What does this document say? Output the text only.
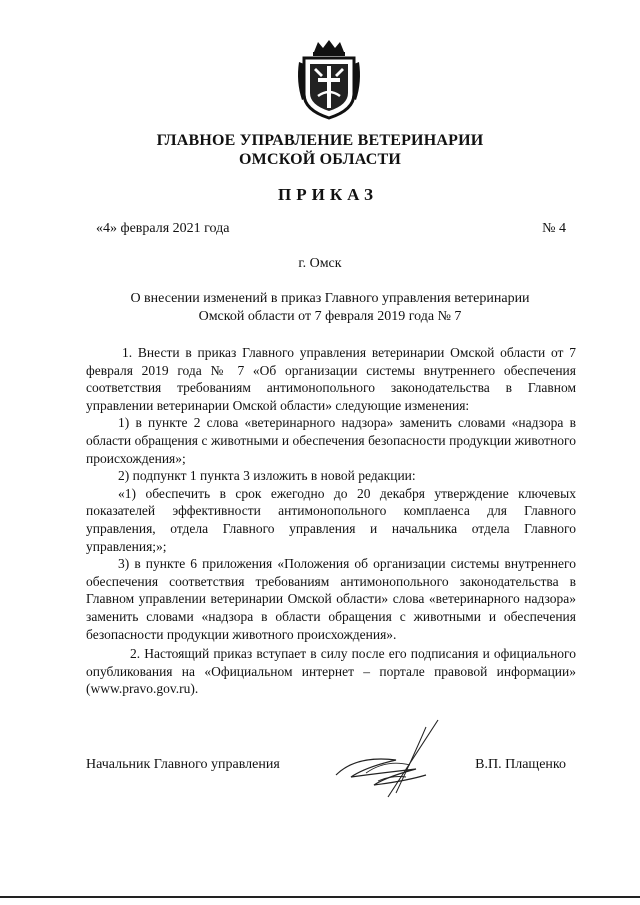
ГЛАВНОЕ УПРАВЛЕНИЕ ВЕТЕРИНАРИИ
ОМСКОЙ ОБЛАСТИ
ПРИКАЗ
«4» февраля 2021 года	№ 4
г. Омск
О внесении изменений в приказ Главного управления ветеринарии
Омской области от 7 февраля 2019 года № 7

1. Внести в приказ Главного управления ветеринарии Омской области от 7 февраля 2019 года № 7 «Об организации системы внутреннего обеспечения соответствия требованиям антимонопольного законодательства в Главном управлении ветеринарии Омской области» следующие изменения:

1) в пункте 2 слова «ветеринарного надзора» заменить словами «надзора в области обращения с животными и обеспечения безопасности продукции животного происхождения»;

2) подпункт 1 пункта 3 изложить в новой редакции:

«1) обеспечить в срок ежегодно до 20 декабря утверждение ключевых показателей эффективности антимонопольного комплаенса для Главного управления, отдела Главного управления и начальника отдела Главного управления;»;

3) в пункте 6 приложения «Положения об организации системы внутреннего обеспечения соответствия требованиям антимонопольного законодательства в Главном управлении ветеринарии Омской области» слова «ветеринарного надзора» заменить словами «надзора в области обращения с животными и обеспечения безопасности продукции животного происхождения».

2. Настоящий приказ вступает в силу после его подписания и официального опубликования на «Официальном интернет – портале правовой информации» (www.pravo.gov.ru).

Начальник Главного управления	В.П. Плащенко
